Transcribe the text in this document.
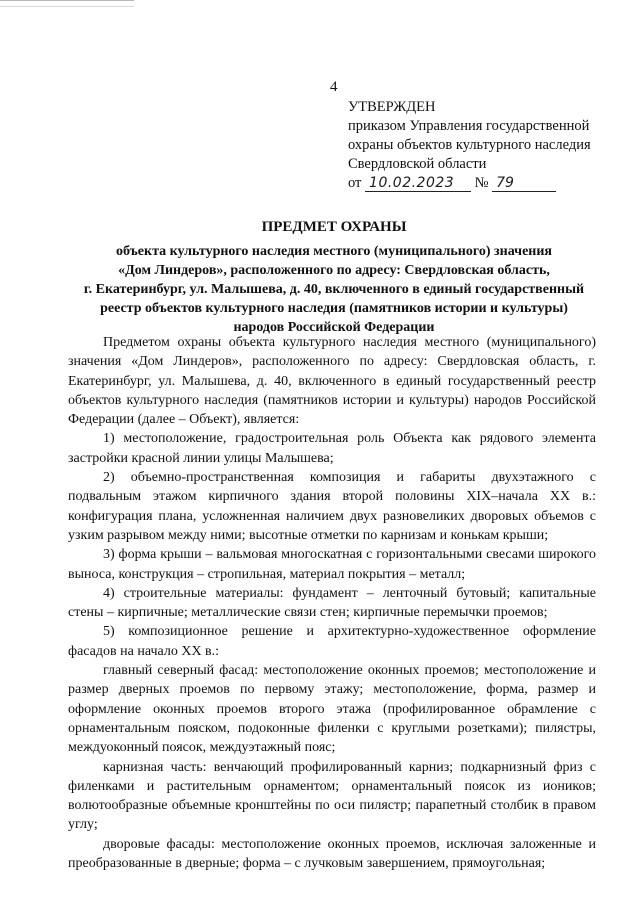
4
УТВЕРЖДЕН
приказом Управления государственной
охраны объектов культурного наследия
Свердловской области
от 10.02.2023 № 79
ПРЕДМЕТ ОХРАНЫ
объекта культурного наследия местного (муниципального) значения
«Дом Линдеров», расположенного по адресу: Свердловская область,
г. Екатеринбург, ул. Малышева, д. 40, включенного в единый государственный
реестр объектов культурного наследия (памятников истории и культуры)
народов Российской Федерации

Предметом охраны объекта культурного наследия местного (муниципального) значения «Дом Линдеров», расположенного по адресу: Свердловская область, г. Екатеринбург, ул. Малышева, д. 40, включенного в единый государственный реестр объектов культурного наследия (памятников истории и культуры) народов Российской Федерации (далее – Объект), является:

1) местоположение, градостроительная роль Объекта как рядового элемента застройки красной линии улицы Малышева;

2) объемно-пространственная композиция и габариты двухэтажного с подвальным этажом кирпичного здания второй половины XIX–начала XX в.: конфигурация плана, усложненная наличием двух разновеликих дворовых объемов с узким разрывом между ними; высотные отметки по карнизам и конькам крыши;

3) форма крыши – вальмовая многоскатная с горизонтальными свесами широкого выноса, конструкция – стропильная, материал покрытия – металл;

4) строительные материалы: фундамент – ленточный бутовый; капитальные стены – кирпичные; металлические связи стен; кирпичные перемычки проемов;

5) композиционное решение и архитектурно-художественное оформление фасадов на начало XX в.:

главный северный фасад: местоположение оконных проемов; местоположение и размер дверных проемов по первому этажу; местоположение, форма, размер и оформление оконных проемов второго этажа (профилированное обрамление с орнаментальным пояском, подоконные филенки с круглыми розетками); пилястры, междуоконный поясок, междуэтажный пояс;

карнизная часть: венчающий профилированный карниз; подкарнизный фриз с филенками и растительным орнаментом; орнаментальный поясок из иоников; волютообразные объемные кронштейны по оси пилястр; парапетный столбик в правом углу;

дворовые фасады: местоположение оконных проемов, исключая заложенные и преобразованные в дверные; форма – с лучковым завершением, прямоугольная;
